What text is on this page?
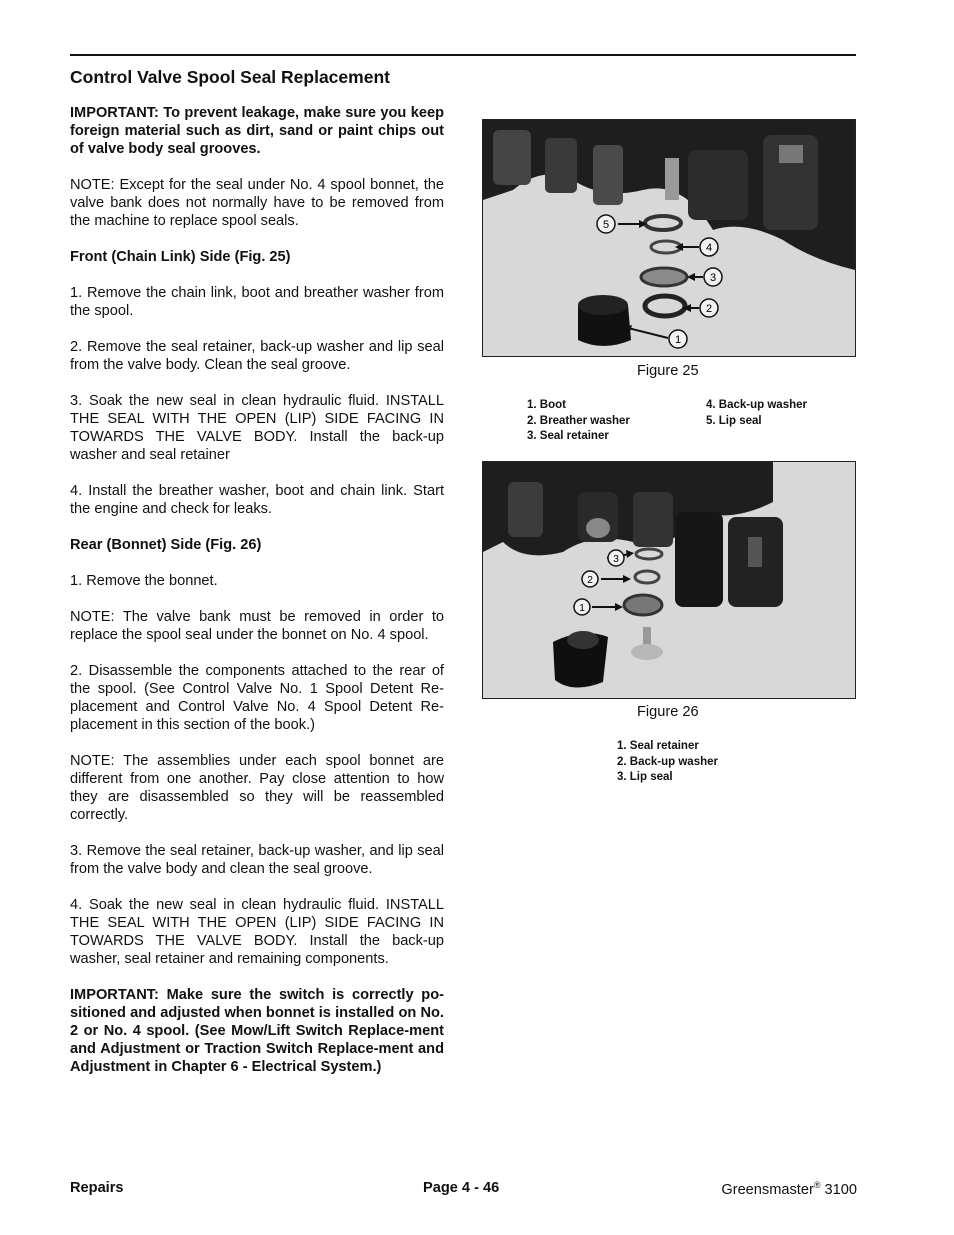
Control Valve Spool Seal Replacement

IMPORTANT: To prevent leakage, make sure you keep foreign material such as dirt, sand or paint chips out of valve body seal grooves.

NOTE: Except for the seal under No. 4 spool bonnet, the valve bank does not normally have to be removed from the machine to replace spool seals.

Front (Chain Link) Side (Fig. 25)

1. Remove the chain link, boot and breather washer from the spool.

2. Remove the seal retainer, back-up washer and lip seal from the valve body. Clean the seal groove.

3. Soak the new seal in clean hydraulic fluid. INSTALL THE SEAL WITH THE OPEN (LIP) SIDE FACING IN TOWARDS THE VALVE BODY. Install the back-up washer and seal retainer

4. Install the breather washer, boot and chain link. Start the engine and check for leaks.

Rear (Bonnet) Side (Fig. 26)

1. Remove the bonnet.

NOTE: The valve bank must be removed in order to replace the spool seal under the bonnet on No. 4 spool.

2. Disassemble the components attached to the rear of the spool. (See Control Valve No. 1 Spool Detent Re-placement and Control Valve No. 4 Spool Detent Re-placement in this section of the book.)

NOTE: The assemblies under each spool bonnet are different from one another. Pay close attention to how they are disassembled so they will be reassembled correctly.

3. Remove the seal retainer, back-up washer, and lip seal from the valve body and clean the seal groove.

4. Soak the new seal in clean hydraulic fluid. INSTALL THE SEAL WITH THE OPEN (LIP) SIDE FACING IN TOWARDS THE VALVE BODY. Install the back-up washer, seal retainer and remaining components.

IMPORTANT: Make sure the switch is correctly po-sitioned and adjusted when bonnet is installed on No. 2 or No. 4 spool. (See Mow/Lift Switch Replace-ment and Adjustment or Traction Switch Replace-ment and Adjustment in Chapter 6 - Electrical System.)

5
4
3
2
1
Figure 25
1. Boot
2. Breather washer
3. Seal retainer
4. Back-up washer
5. Lip seal
3
2
1
Figure 26
1. Seal retainer
2. Back-up washer
3. Lip seal
Repairs	Page 4 - 46	Greensmaster® 3100
